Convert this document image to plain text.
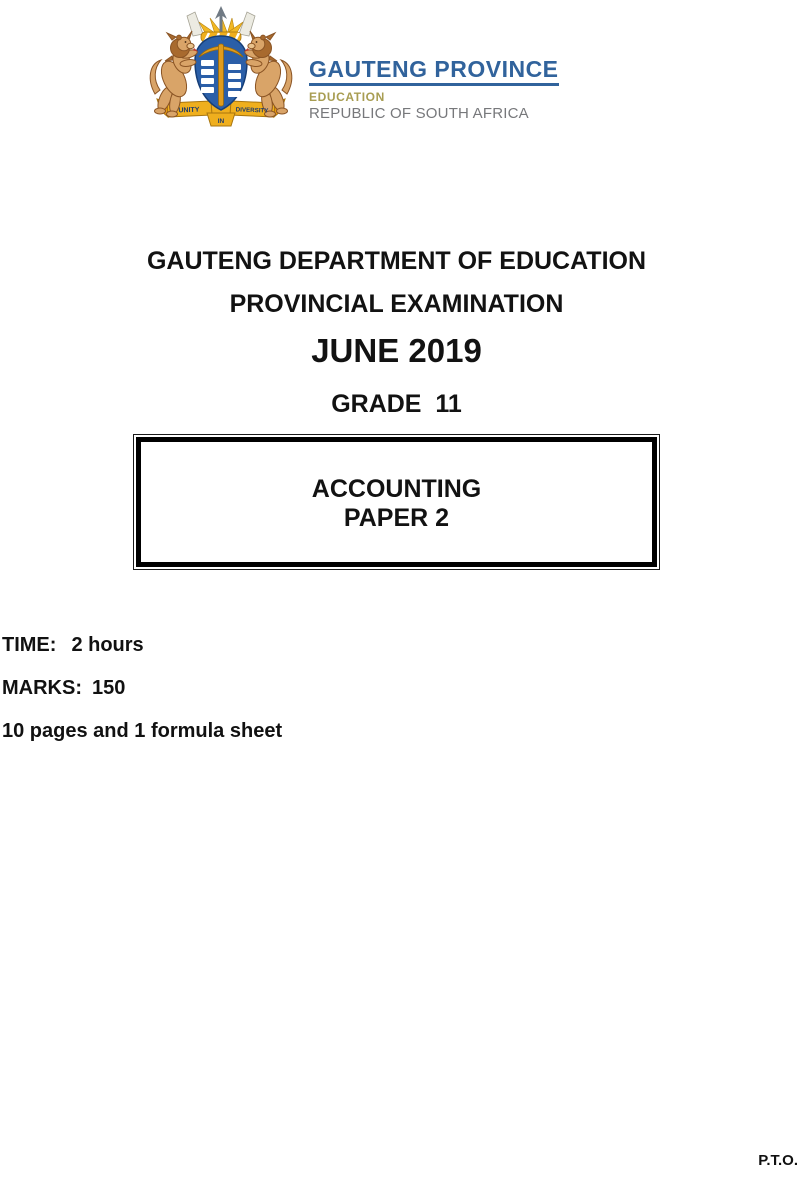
UNITY	DIVERSITY
IN
GAUTENG PROVINCE
EDUCATION
REPUBLIC OF SOUTH AFRICA
GAUTENG DEPARTMENT OF EDUCATION
PROVINCIAL EXAMINATION
JUNE 2019
GRADE  11
ACCOUNTING
PAPER 2
TIME: 2 hours
MARKS: 150
10 pages and 1 formula sheet
P.T.O.
